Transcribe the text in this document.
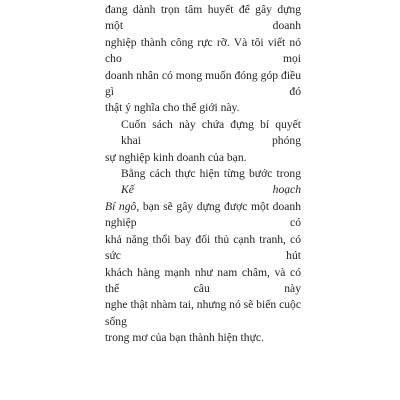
đang dành trọn tâm huyết để gây dựng một doanh
nghiệp thành công rực rỡ. Và tôi viết nó cho mọi
doanh nhân có mong muốn đóng góp điều gì đó
thật ý nghĩa cho thế giới này.
Cuốn sách này chứa đựng bí quyết khai phóng
sự nghiệp kinh doanh của bạn.
Bằng cách thực hiện từng bước trong Kế hoạch
Bí ngô, bạn sẽ gây dựng được một doanh nghiệp có
khả năng thổi bay đối thủ cạnh tranh, có sức hút
khách hàng mạnh như nam châm, và có thể câu này
nghe thật nhàm tai, nhưng nó sẽ biến cuộc sống
trong mơ của bạn thành hiện thực.
